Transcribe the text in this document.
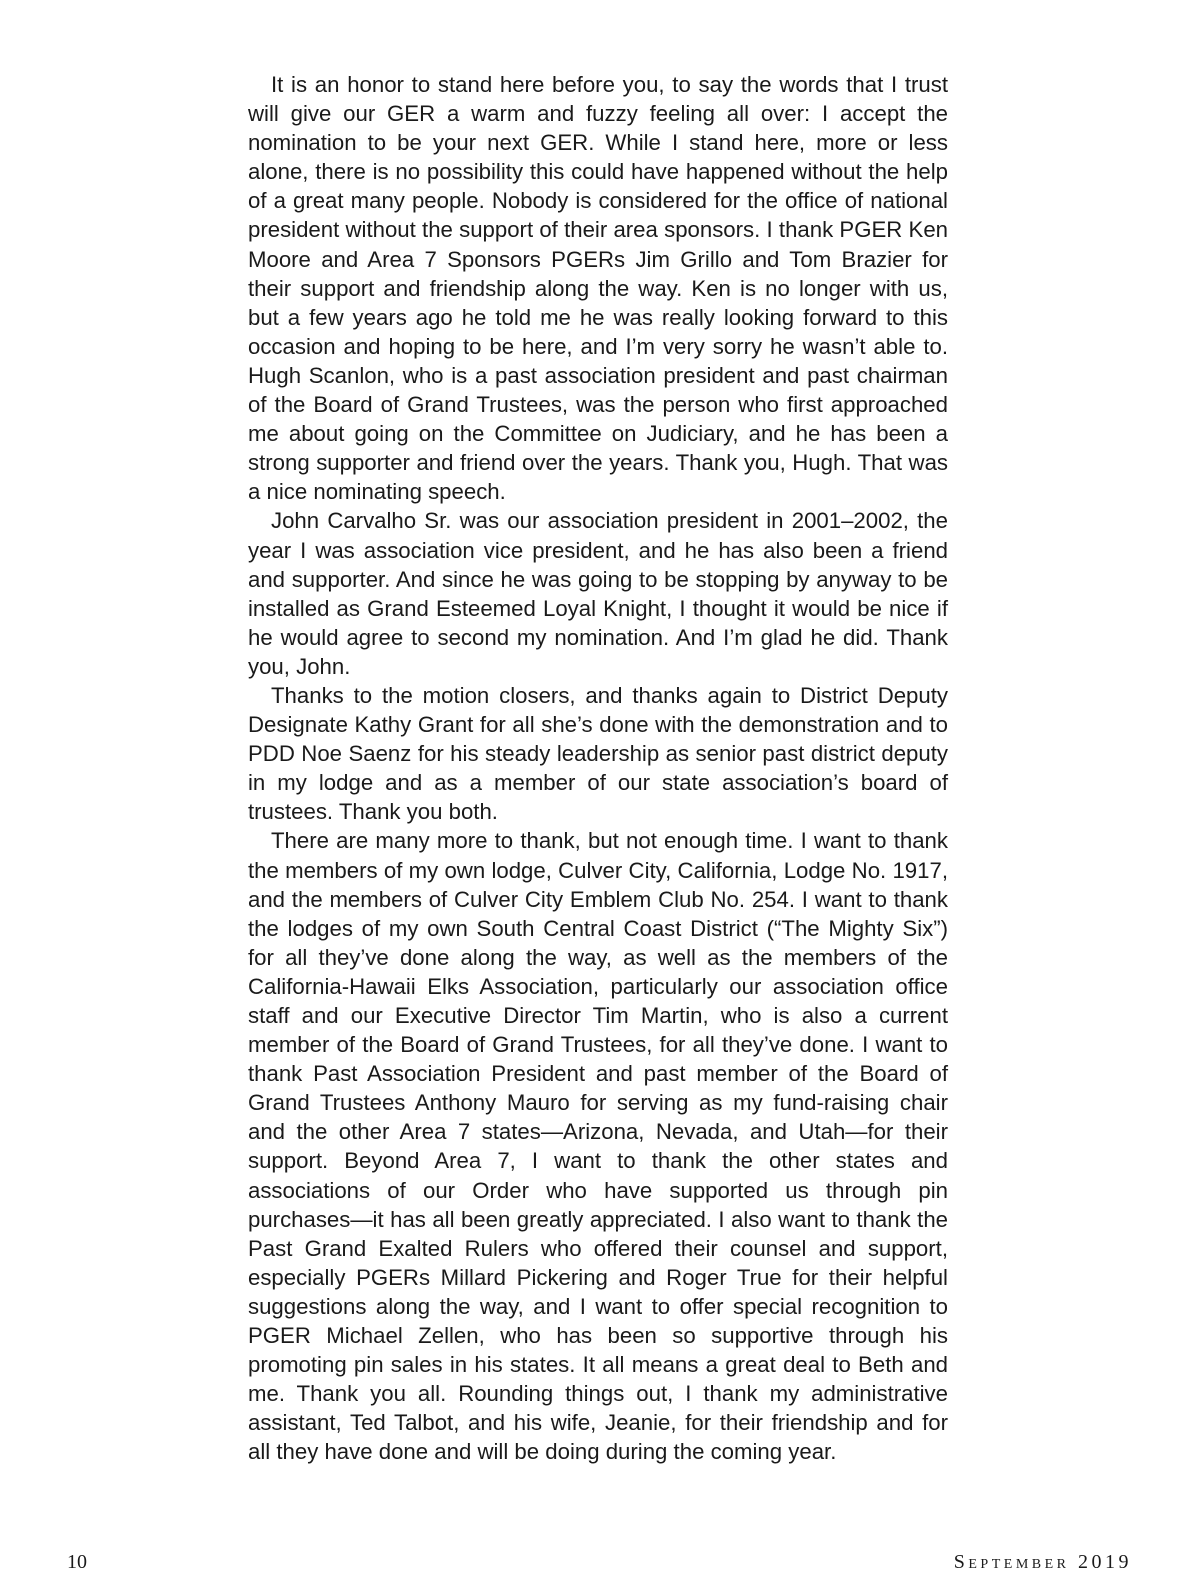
It is an honor to stand here before you, to say the words that I trust will give our GER a warm and fuzzy feeling all over: I accept the nomination to be your next GER. While I stand here, more or less alone, there is no possibility this could have happened without the help of a great many people. Nobody is considered for the office of national president without the support of their area sponsors. I thank PGER Ken Moore and Area 7 Sponsors PGERs Jim Grillo and Tom Brazier for their support and friendship along the way. Ken is no longer with us, but a few years ago he told me he was really looking forward to this occasion and hoping to be here, and I’m very sorry he wasn’t able to. Hugh Scanlon, who is a past association president and past chairman of the Board of Grand Trustees, was the person who first approached me about going on the Committee on Judiciary, and he has been a strong supporter and friend over the years. Thank you, Hugh. That was a nice nominating speech.

John Carvalho Sr. was our association president in 2001–2002, the year I was association vice president, and he has also been a friend and supporter. And since he was going to be stopping by anyway to be installed as Grand Esteemed Loyal Knight, I thought it would be nice if he would agree to second my nomination. And I’m glad he did. Thank you, John.

Thanks to the motion closers, and thanks again to District Deputy Designate Kathy Grant for all she’s done with the demonstration and to PDD Noe Saenz for his steady leadership as senior past district deputy in my lodge and as a member of our state association’s board of trustees. Thank you both.

There are many more to thank, but not enough time. I want to thank the members of my own lodge, Culver City, California, Lodge No. 1917, and the members of Culver City Emblem Club No. 254. I want to thank the lodges of my own South Central Coast District (“The Mighty Six”) for all they’ve done along the way, as well as the members of the California-Hawaii Elks Association, particularly our association office staff and our Executive Director Tim Martin, who is also a current member of the Board of Grand Trustees, for all they’ve done. I want to thank Past Association President and past member of the Board of Grand Trustees Anthony Mauro for serving as my fund-raising chair and the other Area 7 states—Arizona, Nevada, and Utah—for their support. Beyond Area 7, I want to thank the other states and associations of our Order who have supported us through pin purchases—it has all been greatly appreciated. I also want to thank the Past Grand Exalted Rulers who offered their counsel and support, especially PGERs Millard Pickering and Roger True for their helpful suggestions along the way, and I want to offer special recognition to PGER Michael Zellen, who has been so supportive through his promoting pin sales in his states. It all means a great deal to Beth and me. Thank you all. Rounding things out, I thank my administrative assistant, Ted Talbot, and his wife, Jeanie, for their friendship and for all they have done and will be doing during the coming year.

10	September 2019
